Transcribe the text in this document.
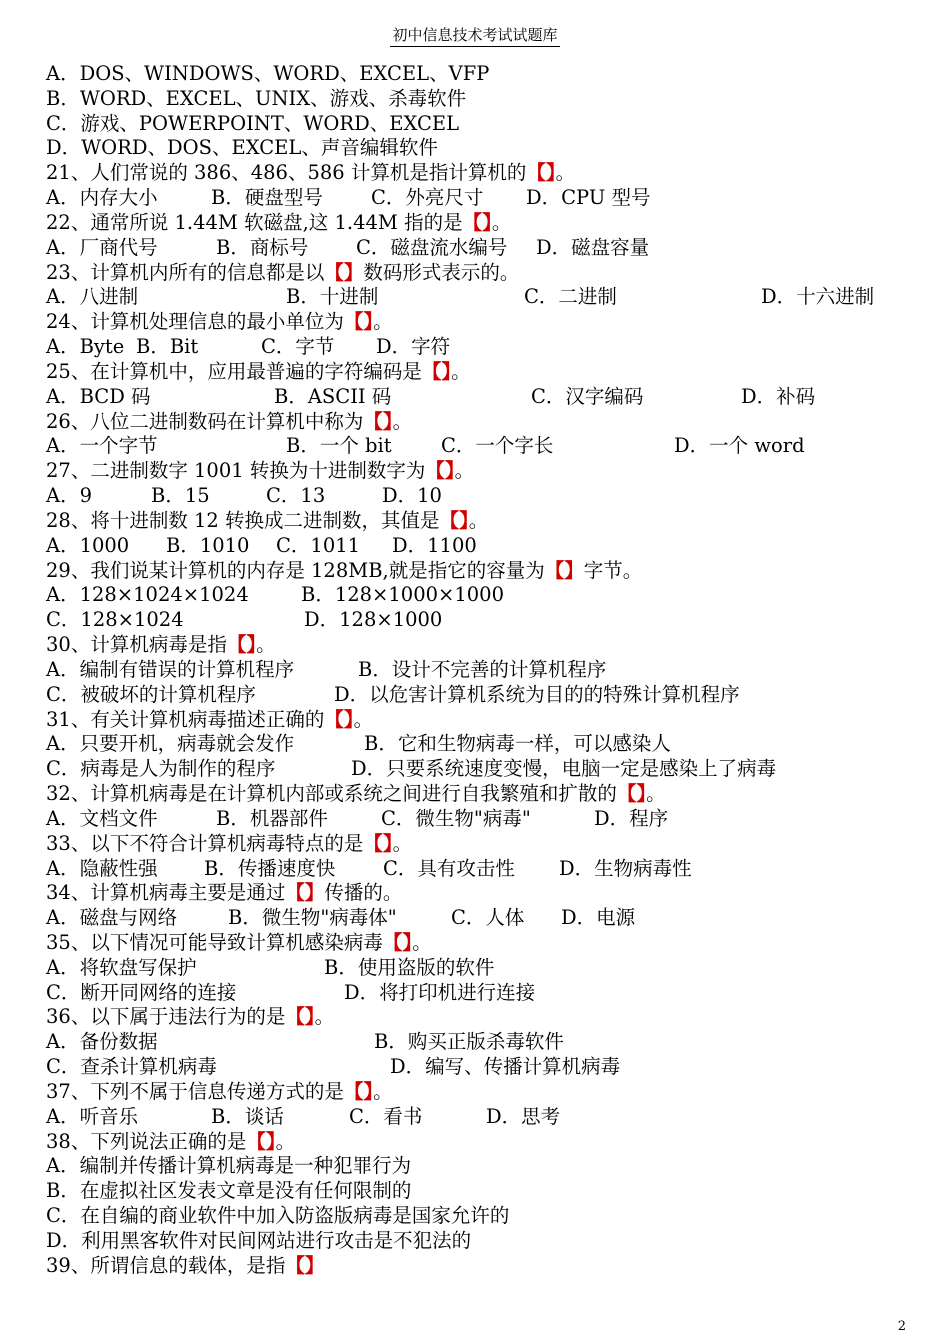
初中信息技术考试试题库
A．DOS、WINDOWS、WORD、EXCEL、VFP
B．WORD、EXCEL、UNIX、游戏、杀毒软件
C．游戏、POWERPOINT、WORD、EXCEL
D．WORD、DOS、EXCEL、声音编辑软件
21、人们常说的 386、486、586 计算机是指计算机的【】。
A．内存大小	B．硬盘型号 C．外亮尺寸 D．CPU 型号
22、通常所说 1.44M 软磁盘,这 1.44M 指的是【】。
A．厂商代号	B．商标号 C．磁盘流水编号 D．磁盘容量
23、计算机内所有的信息都是以【】数码形式表示的。
A．八进制	B．十进制	C．二进制	D．十六进制
24、计算机处理信息的最小单位为【】。
A．Byte B．Bit	C．字节 D．字符
25、在计算机中，应用最普遍的字符编码是【】。
A．BCD 码	B．ASCII 码	C．汉字编码	D．补码
26、八位二进制数码在计算机中称为【】。
A．一个字节	B．一个 bit	C．一个字长	D．一个 word
27、二进制数字 1001 转换为十进制数字为【】。
A．9	B．15	C．13	D．10
28、将十进制数 12 转换成二进制数，其值是【】。
A．1000 B．1010 C．1011 D．1100
29、我们说某计算机的内存是 128MB,就是指它的容量为【】字节。
A．128×1024×1024	B．128×1000×1000
C．128×1024	D．128×1000
30、计算机病毒是指【】。
A．编制有错误的计算机程序	B．设计不完善的计算机程序
C．被破坏的计算机程序	D．以危害计算机系统为目的的特殊计算机程序
31、有关计算机病毒描述正确的【】。
A．只要开机，病毒就会发作	B．它和生物病毒一样，可以感染人
C．病毒是人为制作的程序	D．只要系统速度变慢，电脑一定是感染上了病毒
32、计算机病毒是在计算机内部或系统之间进行自我繁殖和扩散的【】。
A．文档文件	B．机器部件	C．微生物"病毒"	D．程序
33、以下不符合计算机病毒特点的是【】。
A．隐蔽性强 B．传播速度快 C．具有攻击性 D．生物病毒性
34、计算机病毒主要是通过【】传播的。
A．磁盘与网络	B．微生物"病毒体"	C．人体 D．电源
35、以下情况可能导致计算机感染病毒【】。
A．将软盘写保护	B．使用盗版的软件
C．断开同网络的连接	D．将打印机进行连接
36、以下属于违法行为的是【】。
A．备份数据	B．购买正版杀毒软件
C．查杀计算机病毒	D．编写、传播计算机病毒
37、下列不属于信息传递方式的是【】。
A．听音乐	B．谈话	C．看书	D．思考
38、下列说法正确的是【】。
A．编制并传播计算机病毒是一种犯罪行为
B．在虚拟社区发表文章是没有任何限制的
C．在自编的商业软件中加入防盗版病毒是国家允许的
D．利用黑客软件对民间网站进行攻击是不犯法的
39、所谓信息的载体，是指【】
2
